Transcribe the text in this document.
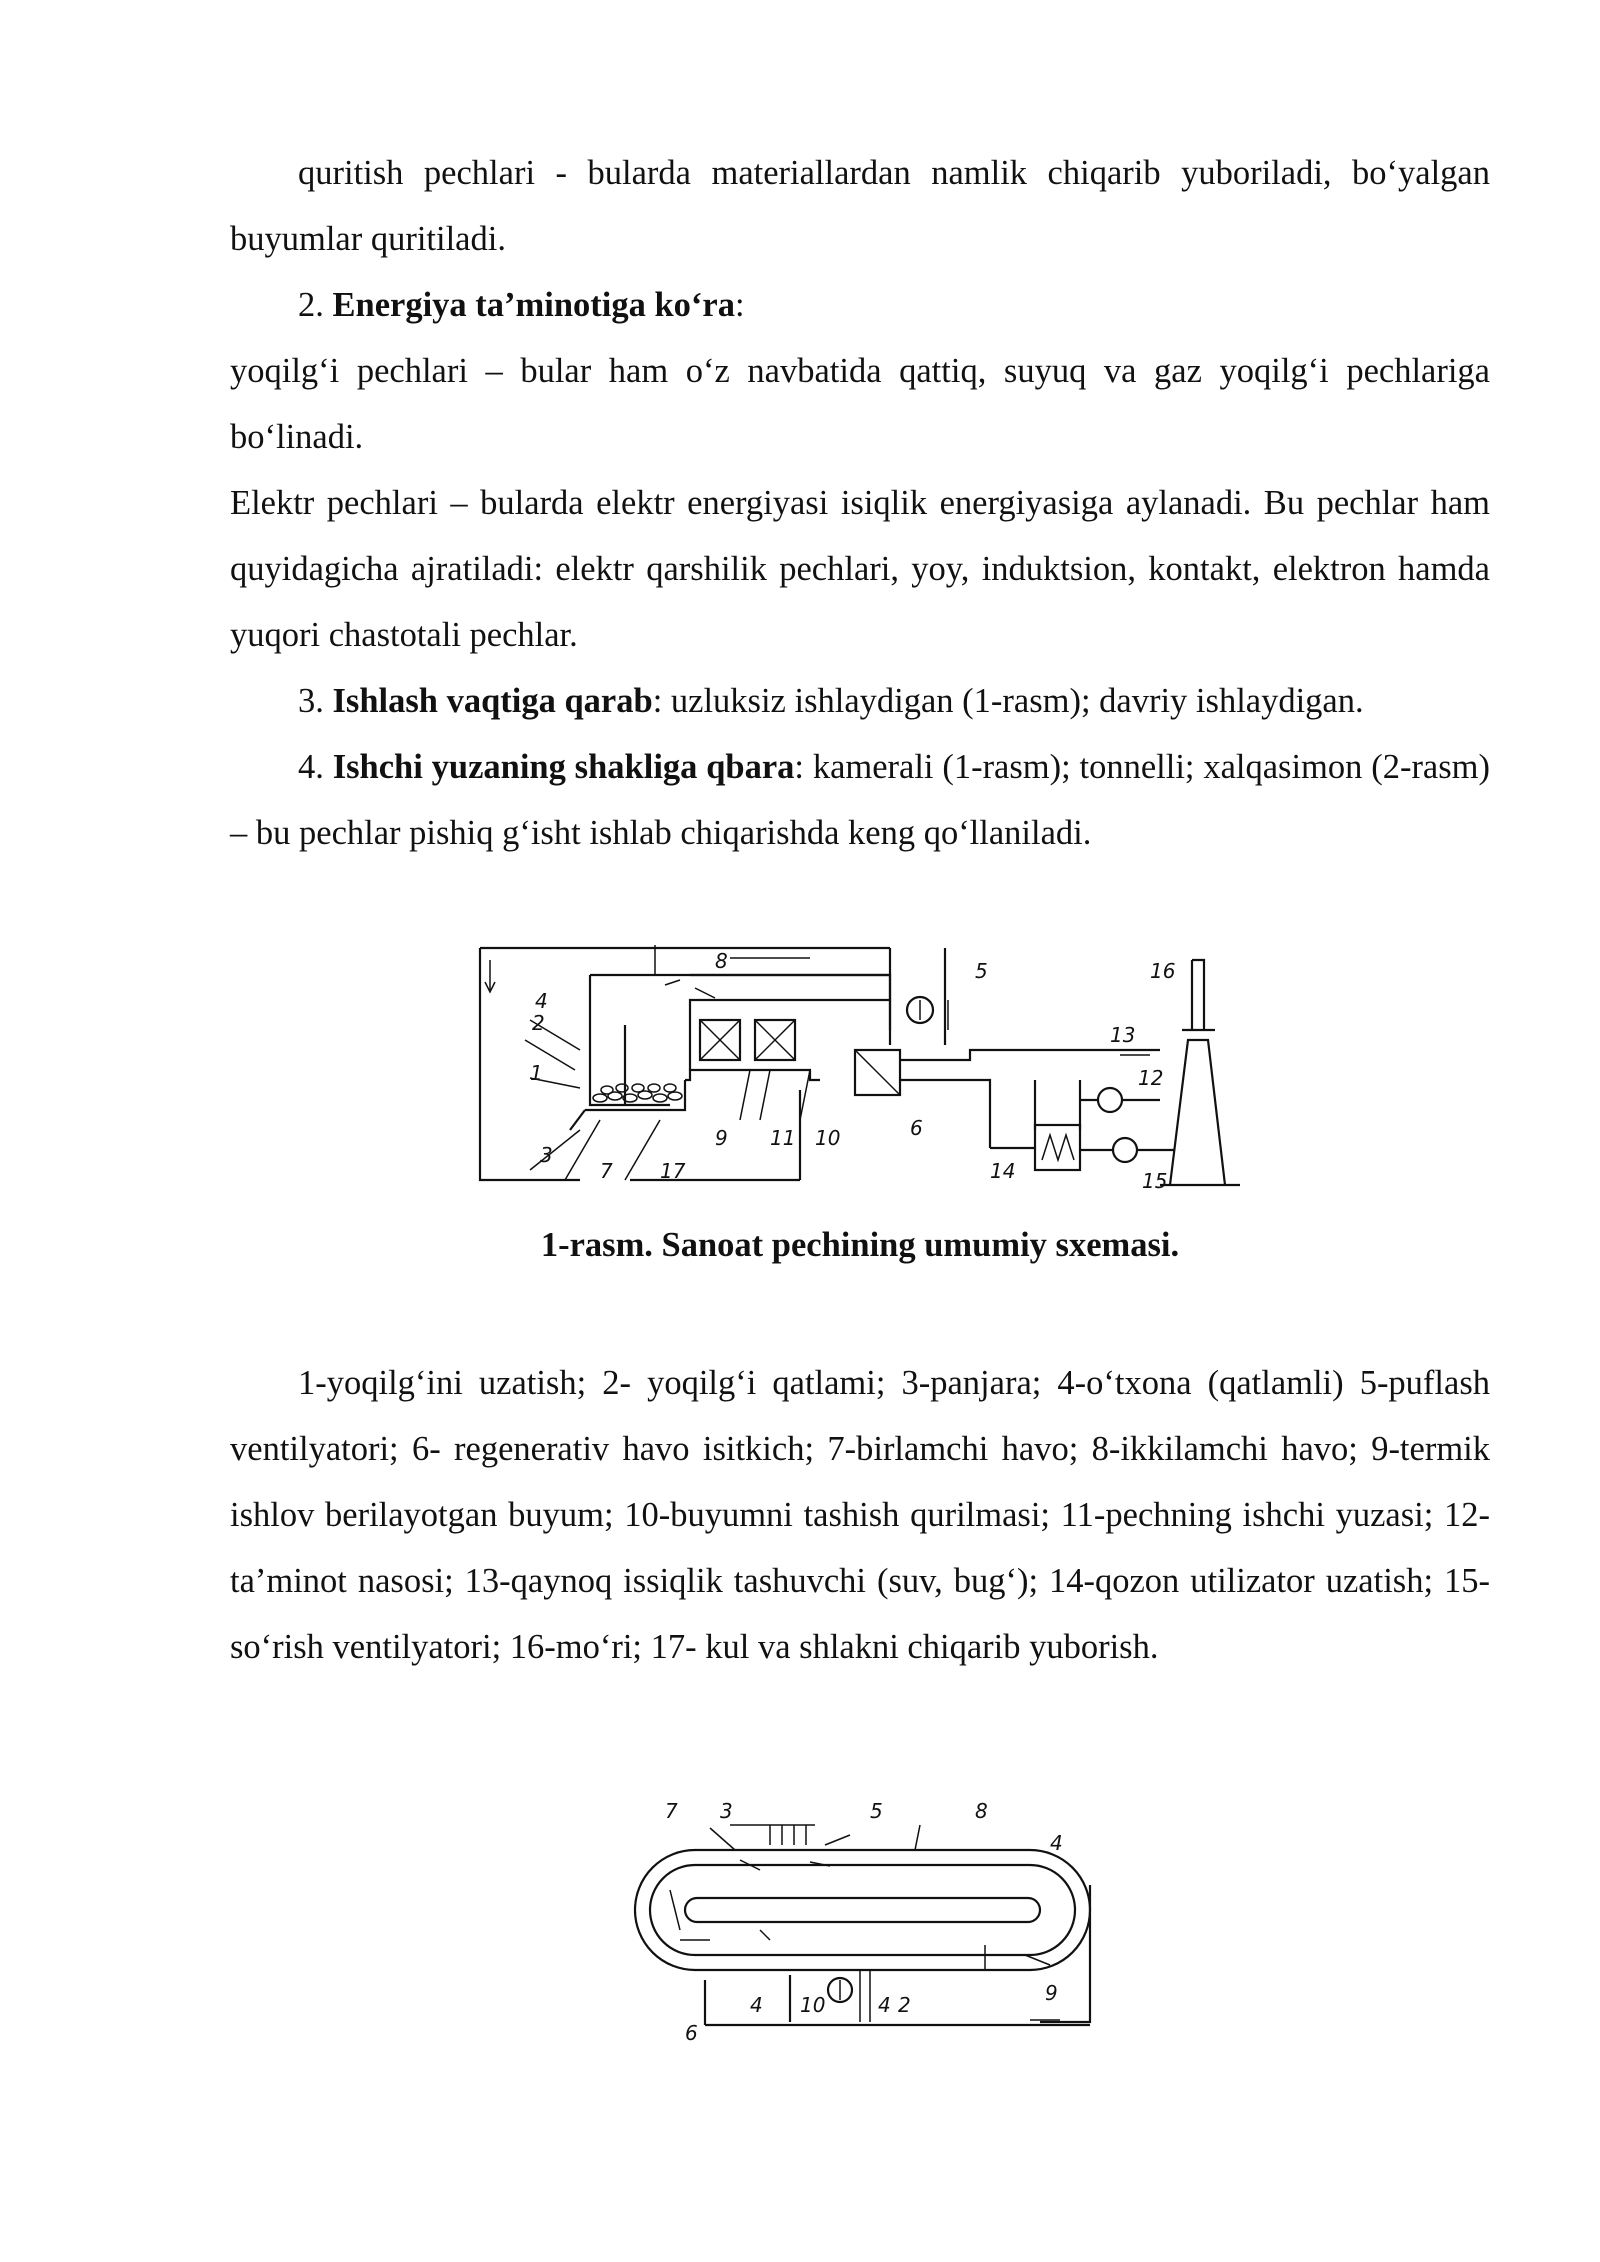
quritish pechlari - bularda materiallardan namlik chiqarib yuboriladi, bo‘yalgan buyumlar quritiladi.

2. Energiya ta’minotiga ko‘ra:

yoqilg‘i pechlari – bular ham o‘z navbatida qattiq, suyuq va gaz yoqilg‘i pechlariga bo‘linadi.

Elektr pechlari – bularda elektr energiyasi isiqlik energiyasiga aylanadi. Bu pechlar ham quyidagicha ajratiladi: elektr qarshilik pechlari, yoy, induktsion, kontakt, elektron hamda yuqori chastotali pechlar.

3. Ishlash vaqtiga qarab: uzluksiz ishlaydigan (1-rasm); davriy ishlaydigan.

4. Ishchi yuzaning shakliga qbara: kamerali (1-rasm); tonnelli; xalqasimon (2-rasm) – bu pechlar pishiq g‘isht ishlab chiqarishda keng qo‘llaniladi.

4
2
1
3
7 17
8	5
6
9 11 10
14
12
13
15
16
1-rasm. Sanoat pechining umumiy sxemasi.

1-yoqilg‘ini uzatish; 2- yoqilg‘i qatlami; 3-panjara; 4-o‘txona (qatlamli) 5-puflash ventilyatori; 6- regenerativ havo isitkich; 7-birlamchi havo; 8-ikkilamchi havo; 9-termik ishlov berilayotgan buyum; 10-buyumni tashish qurilmasi; 11-pechning ishchi yuzasi; 12-ta’minot nasosi; 13-qaynoq issiqlik tashuvchi (suv, bug‘); 14-qozon utilizator uzatish; 15-so‘rish ventilyatori; 16-mo‘ri; 17- kul va shlakni chiqarib yuborish.

7 3	5	8
4
9
6
4 10	4 2
